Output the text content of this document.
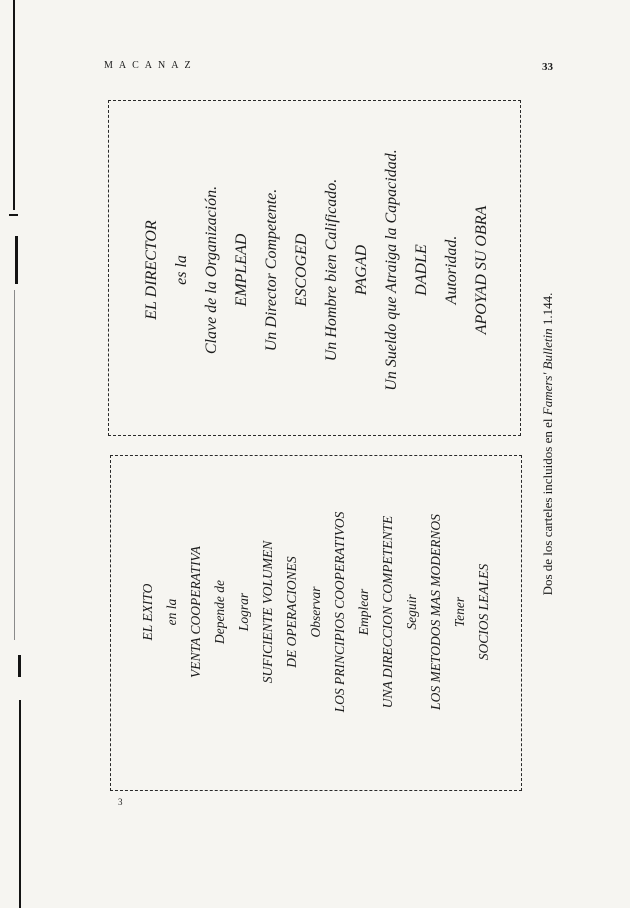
MACANAZ	33
EL DIRECTOR es la Clave de la Organización. EMPLEAD Un Director Competente. ESCOGED Un Hombre bien Calificado. PAGAD Un Sueldo que Atraiga la Capacidad. DADLE Autoridad. APOYAD SU OBRA
EL EXITO en la VENTA COOPERATIVA Depende de Lograr SUFICIENTE VOLUMEN DE OPERACIONES Observar LOS PRINCIPIOS COOPERATIVOS Emplear UNA DIRECCION COMPETENTE Seguir LOS METODOS MAS MODERNOS Tener SOCIOS LEALES
Dos de los carteles incluidos en el Famers' Bulletin 1.144.
3
